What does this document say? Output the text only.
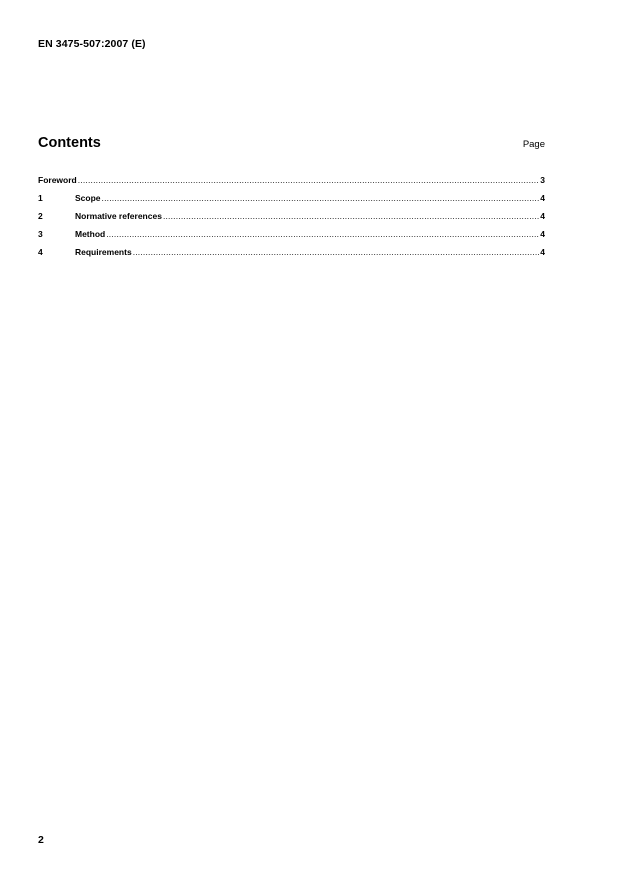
EN 3475-507:2007 (E)
Contents	Page
Foreword .....	3
1	Scope .....	4
2	Normative references .....	4
3	Method .....	4
4	Requirements .....	4
2
